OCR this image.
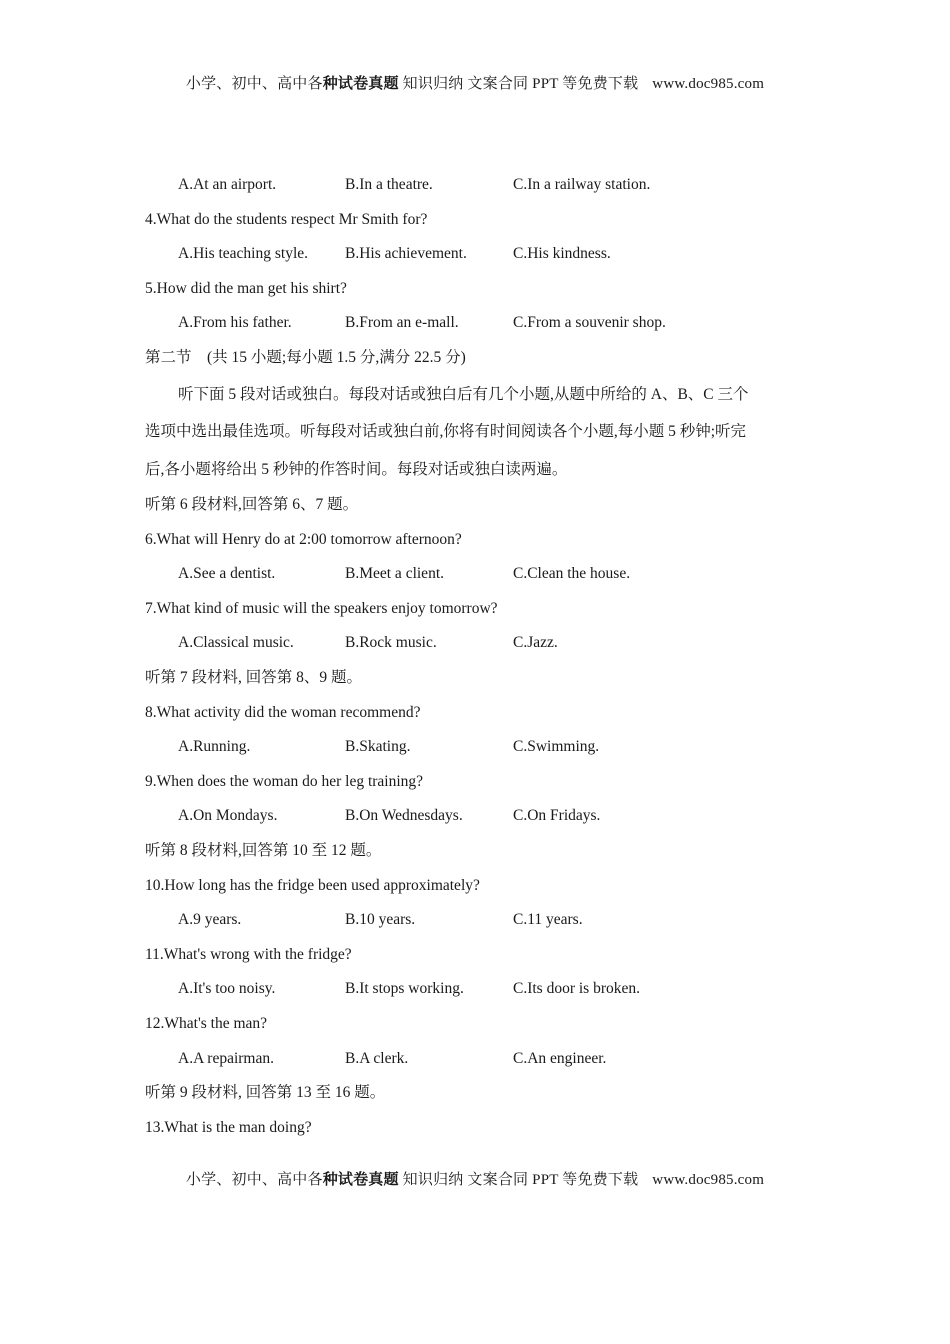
小学、初中、高中各种试卷真题 知识归纳 文案合同 PPT 等免费下载 www.doc985.com
A.At an airport.	B.In a theatre.	C.In a railway station.
4.What do the students respect Mr Smith for?
A.His teaching style. B.His achievement.	C.His kindness.
5.How did the man get his shirt?
A.From his father.	B.From an e-mall.	C.From a souvenir shop.
第二节　(共 15 小题;每小题 1.5 分,满分 22.5 分)
听下面 5 段对话或独白。每段对话或独白后有几个小题,从题中所给的 A、B、C 三个
选项中选出最佳选项。听每段对话或独白前,你将有时间阅读各个小题,每小题 5 秒钟;听完
后,各小题将给出 5 秒钟的作答时间。每段对话或独白读两遍。
听第 6 段材料,回答第 6、7 题。
6.What will Henry do at 2:00 tomorrow afternoon?
A.See a dentist.	B.Meet a client.	C.Clean the house.
7.What kind of music will the speakers enjoy tomorrow?
A.Classical music.	B.Rock music.	C.Jazz.
听第 7 段材料, 回答第 8、9 题。
8.What activity did the woman recommend?
A.Running.	B.Skating.	C.Swimming.
9.When does the woman do her leg training?
A.On Mondays.	B.On Wednesdays.	C.On Fridays.
听第 8 段材料,回答第 10 至 12 题。
10.How long has the fridge been used approximately?
A.9 years.	B.10 years.	C.11 years.
11.What's wrong with the fridge?
A.It's too noisy.	B.It stops working.	C.Its door is broken.
12.What's the man?
A.A repairman.	B.A clerk.	C.An engineer.
听第 9 段材料, 回答第 13 至 16 题。
13.What is the man doing?
小学、初中、高中各种试卷真题 知识归纳 文案合同 PPT 等免费下载 www.doc985.com
